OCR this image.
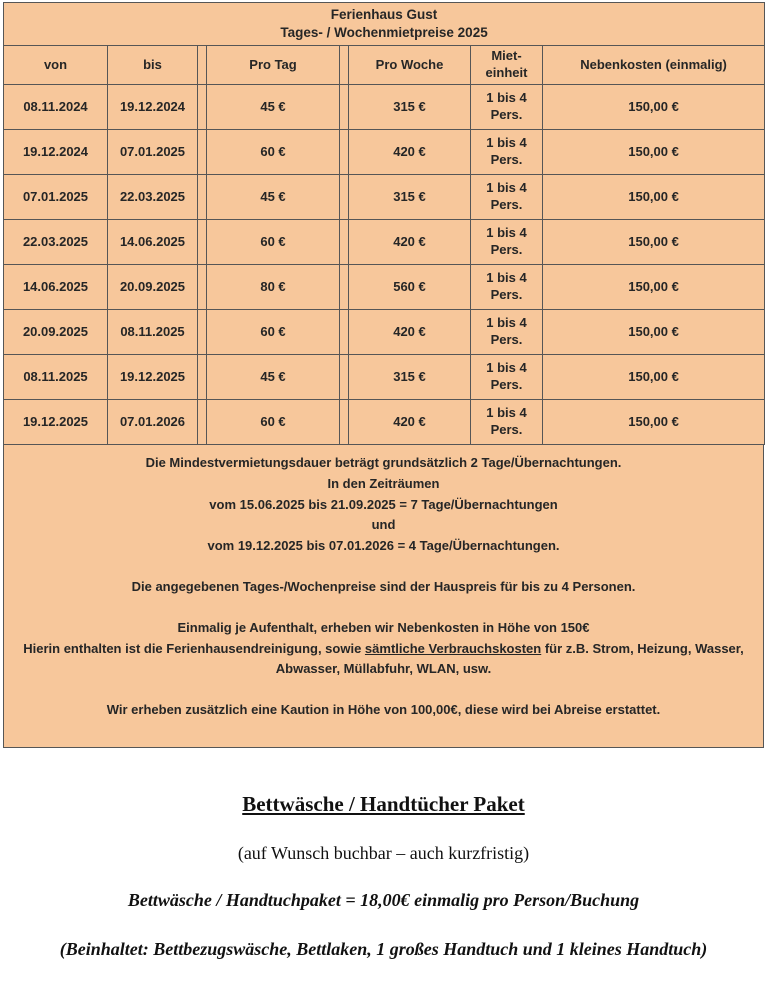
Ferienhaus Gust
Tages- / Wochenmietpreise 2025							

von	bis		Pro Tag		Pro Woche	Miet-einheit	Nebenkosten (einmalig)
08.11.2024	19.12.2024		45 €		315 €	1 bis 4 Pers.	150,00 €
19.12.2024	07.01.2025		60 €		420 €	1 bis 4 Pers.	150,00 €
07.01.2025	22.03.2025		45 €		315 €	1 bis 4 Pers.	150,00 €
22.03.2025	14.06.2025		60 €		420 €	1 bis 4 Pers.	150,00 €
14.06.2025	20.09.2025		80 €		560 €	1 bis 4 Pers.	150,00 €
20.09.2025	08.11.2025		60 €		420 €	1 bis 4 Pers.	150,00 €
08.11.2025	19.12.2025		45 €		315 €	1 bis 4 Pers.	150,00 €
19.12.2025	07.01.2026		60 €		420 €	1 bis 4 Pers.	150,00 €
Die Mindestvermietungsdauer beträgt grundsätzlich 2 Tage/Übernachtungen.
In den Zeiträumen
vom 15.06.2025 bis 21.09.2025 = 7 Tage/Übernachtungen
und
vom 19.12.2025 bis 07.01.2026 = 4 Tage/Übernachtungen.
Die angegebenen Tages-/Wochenpreise sind der Hauspreis für bis zu 4 Personen.
Einmalig je Aufenthalt, erheben wir Nebenkosten in Höhe von 150€
Hierin enthalten ist die Ferienhausendreinigung, sowie sämtliche Verbrauchskosten für z.B. Strom, Heizung, Wasser, Abwasser, Müllabfuhr, WLAN, usw.
Wir erheben zusätzlich eine Kaution in Höhe von 100,00€, diese wird bei Abreise erstattet.
Bettwäsche / Handtücher Paket
(auf Wunsch buchbar – auch kurzfristig)
Bettwäsche / Handtuchpaket = 18,00€ einmalig pro Person/Buchung
(Beinhaltet: Bettbezugswäsche, Bettlaken, 1 großes Handtuch und 1 kleines Handtuch)
